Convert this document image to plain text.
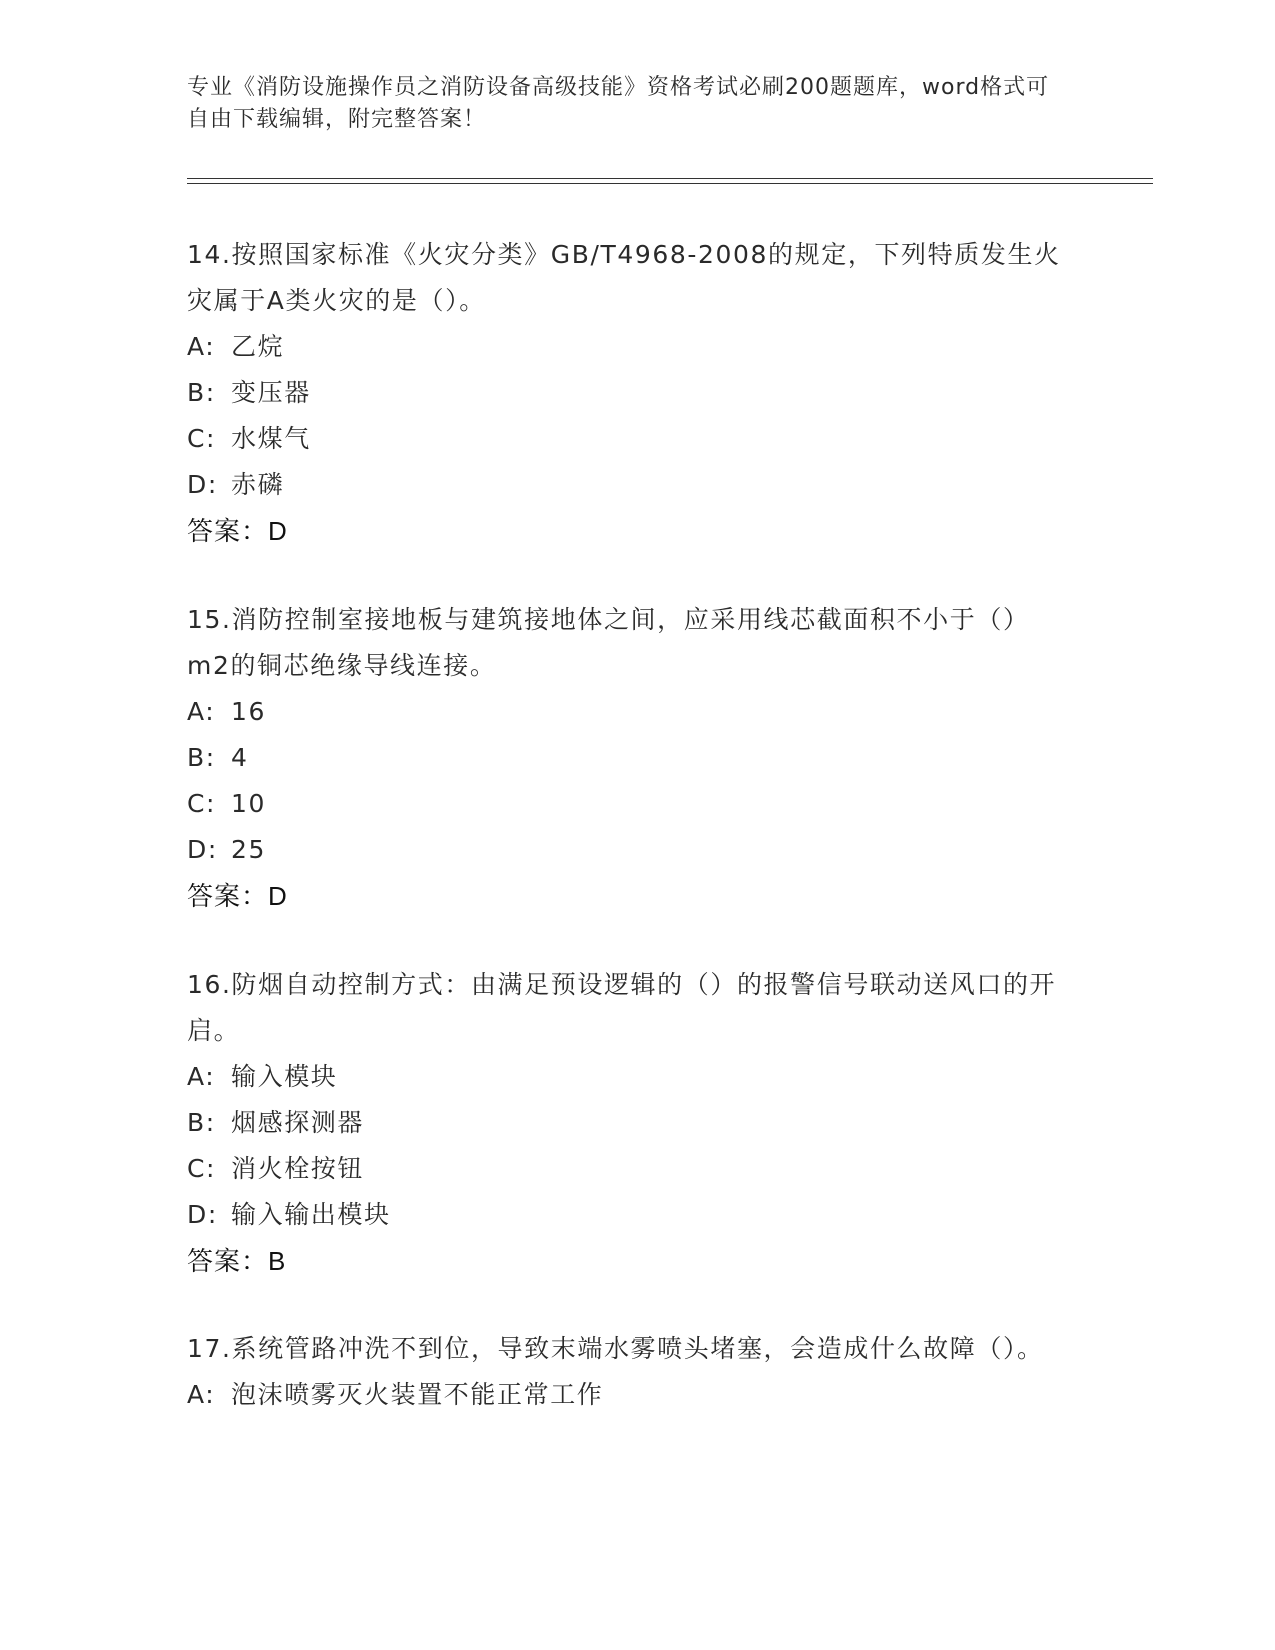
专业《消防设施操作员之消防设备高级技能》资格考试必刷200题题库，word格式可自由下载编辑，附完整答案！
14.按照国家标准《火灾分类》GB/T4968-2008的规定，下列特质发生火灾属于A类火灾的是（）。
A: 乙烷
B: 变压器
C: 水煤气
D: 赤磷
答案：D
15.消防控制室接地板与建筑接地体之间，应采用线芯截面积不小于（）m2的铜芯绝缘导线连接。
A: 16
B: 4
C: 10
D: 25
答案：D
16.防烟自动控制方式：由满足预设逻辑的（）的报警信号联动送风口的开启。
A: 输入模块
B: 烟感探测器
C: 消火栓按钮
D: 输入输出模块
答案：B
17.系统管路冲洗不到位，导致末端水雾喷头堵塞，会造成什么故障（）。
A: 泡沫喷雾灭火装置不能正常工作
